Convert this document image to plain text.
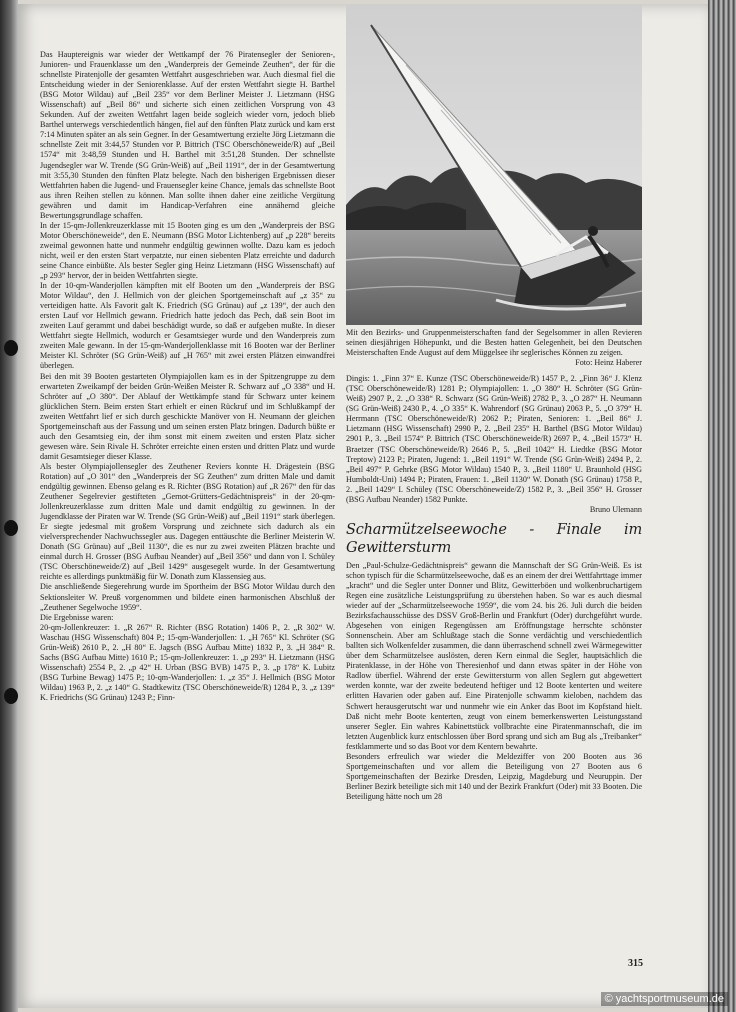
Das Hauptereignis war wieder der Wettkampf der 76 Piratensegler der Senioren-, Junioren- und Frauenklasse um den „Wanderpreis der Gemeinde Zeuthen“, der für die schnellste Piratenjolle der gesamten Wettfahrt ausgeschrieben war. Auch diesmal fiel die Entscheidung wieder in der Seniorenklasse. Auf der ersten Wettfahrt siegte H. Barthel (BSG Motor Wildau) auf „Beil 235“ vor dem Berliner Meister J. Lietzmann (HSG Wissenschaft) auf „Beil 86“ und sicherte sich einen zeitlichen Vorsprung von 43 Sekunden. Auf der zweiten Wettfahrt lagen beide sogleich wieder vorn, jedoch blieb Barthel unterwegs verschiedentlich hängen, fiel auf den fünften Platz zurück und kam erst 7:14 Minuten später an als sein Gegner. In der Gesamtwertung erzielte Jörg Lietzmann die schnellste Zeit mit 3:44,57 Stunden vor P. Bittrich (TSC Oberschöneweide/R) auf „Beil 1574“ mit 3:48,59 Stunden und H. Barthel mit 3:51,28 Stunden. Der schnellste Jugendsegler war W. Trende (SG Grün-Weiß) auf „Beil 1191“, der in der Gesamtwertung mit 3:55,30 Stunden den fünften Platz belegte. Nach den bisherigen Ergebnissen dieser Wettfahrten haben die Jugend- und Frauensegler keine Chance, jemals das schnellste Boot aus ihren Reihen stellen zu können. Man sollte ihnen daher eine zeitliche Vergütung gewähren und damit im Handicap-Verfahren eine annähernd gleiche Bewertungsgrundlage schaffen.

In der 15-qm-Jollenkreuzerklasse mit 15 Booten ging es um den „Wanderpreis der BSG Motor Oberschöneweide“, den E. Neumann (BSG Motor Lichtenberg) auf „p 228“ bereits zweimal gewonnen hatte und nunmehr endgültig gewinnen wollte. Dazu kam es jedoch nicht, weil er den ersten Start verpatzte, nur einen siebenten Platz erreichte und dadurch seine Chance einbüßte. Als bester Segler ging Heinz Lietzmann (HSG Wissenschaft) auf „p 293“ hervor, der in beiden Wettfahrten siegte.

In der 10-qm-Wanderjollen kämpften mit elf Booten um den „Wanderpreis der BSG Motor Wildau“, den J. Hellmich von der gleichen Sportgemeinschaft auf „z 35“ zu verteidigen hatte. Als Favorit galt K. Friedrich (SG Grünau) auf „z 139“, der auch den ersten Lauf vor Hellmich gewann. Friedrich hatte jedoch das Pech, daß sein Boot im zweiten Lauf gerammt und dabei beschädigt wurde, so daß er aufgeben mußte. In dieser Wettfahrt siegte Hellmich, wodurch er Gesamtsieger wurde und den Wanderpreis zum zweiten Male gewann. In der 15-qm-Wanderjollenklasse mit 16 Booten war der Berliner Meister Kl. Schröter (SG Grün-Weiß) auf „H 765“ mit zwei ersten Plätzen einwandfrei überlegen.

Bei den mit 39 Booten gestarteten Olympiajollen kam es in der Spitzengruppe zu dem erwarteten Zweikampf der beiden Grün-Weißen Meister R. Schwarz auf „O 338“ und H. Schröter auf „O 380“. Der Ablauf der Wettkämpfe stand für Schwarz unter keinem glücklichen Stern. Beim ersten Start erhielt er einen Rückruf und im Schlußkampf der zweiten Wettfahrt lief er sich durch geschickte Manöver von H. Neumann der gleichen Sportgemeinschaft aus der Fassung und um seinen ersten Platz bringen. Dadurch büßte er auch den Gesamtsieg ein, der ihm sonst mit einem zweiten und ersten Platz sicher gewesen wäre. Sein Rivale H. Schröter erreichte einen ersten und dritten Platz und wurde damit Gesamtsieger dieser Klasse.

Als bester Olympiajollensegler des Zeuthener Reviers konnte H. Drägestein (BSG Rotation) auf „O 301“ den „Wanderpreis der SG Zeuthen“ zum dritten Male und damit endgültig gewinnen. Ebenso gelang es R. Richter (BSG Rotation) auf „R 267“ den für das Zeuthener Segelrevier gestifteten „Gernot-Grütters-Gedächtnispreis“ in der 20-qm-Jollenkreuzerklasse zum dritten Male und damit endgültig zu gewinnen. In der Jugendklasse der Piraten war W. Trende (SG Grün-Weiß) auf „Beil 1191“ stark überlegen. Er siegte jedesmal mit großem Vorsprung und zeichnete sich dadurch als ein vielversprechender Nachwuchssegler aus. Dagegen enttäuschte die Berliner Meisterin W. Donath (SG Grünau) auf „Beil 1130“, die es nur zu zwei zweiten Plätzen brachte und einmal durch H. Grosser (BSG Aufbau Neander) auf „Beil 356“ und dann von I. Schüley (TSC Oberschöneweide/Z) auf „Beil 1429“ ausgesegelt wurde. In der Gesamtwertung reichte es allerdings punktmäßig für W. Donath zum Klassensieg aus.

Die anschließende Siegerehrung wurde im Sportheim der BSG Motor Wildau durch den Sektionsleiter W. Preuß vorgenommen und bildete einen harmonischen Abschluß der „Zeuthener Segelwoche 1959“.

Die Ergebnisse waren:

20-qm-Jollenkreuzer: 1. „R 267“ R. Richter (BSG Rotation) 1406 P., 2. „R 302“ W. Waschau (HSG Wissenschaft) 804 P.; 15-qm-Wanderjollen: 1. „H 765“ Kl. Schröter (SG Grün-Weiß) 2610 P., 2. „H 80“ E. Jagsch (BSG Aufbau Mitte) 1832 P., 3. „H 384“ R. Sachs (BSG Aufbau Mitte) 1610 P.; 15-qm-Jollenkreuzer: 1. „p 293“ H. Lietzmann (HSG Wissenschaft) 2554 P., 2. „p 42“ H. Urban (BSG BVB) 1475 P., 3. „p 178“ K. Lubitz (BSG Turbine Bewag) 1475 P.; 10-qm-Wanderjollen: 1. „z 35“ J. Hellmich (BSG Motor Wildau) 1963 P., 2. „z 140“ G. Stadtkewitz (TSC Oberschöneweide/R) 1284 P., 3. „z 139“ K. Friedrichs (SG Grünau) 1243 P.; Finn-

Mit den Bezirks- und Gruppenmeisterschaften fand der Segelsommer in allen Revieren seinen diesjährigen Höhepunkt, und die Besten hatten Gelegenheit, bei den Deutschen Meisterschaften Ende August auf dem Müggelsee ihr seglerisches Können zu zeigen.

Foto: Heinz Haberer

Dingis: 1. „Finn 37“ E. Kunze (TSC Oberschöneweide/R) 1457 P., 2. „Finn 36“ J. Klenz (TSC Oberschöneweide/R) 1281 P.; Olympiajollen: 1. „O 380“ H. Schröter (SG Grün-Weiß) 2907 P., 2. „O 338“ R. Schwarz (SG Grün-Weiß) 2782 P., 3. „O 287“ H. Neumann (SG Grün-Weiß) 2430 P., 4. „O 335“ K. Wahrendorf (SG Grünau) 2063 P., 5. „O 379“ H. Herrmann (TSC Oberschöneweide/R) 2062 P.; Piraten, Senioren: 1. „Beil 86“ J. Lietzmann (HSG Wissenschaft) 2990 P., 2. „Beil 235“ H. Barthel (BSG Motor Wildau) 2901 P., 3. „Beil 1574“ P. Bittrich (TSC Oberschöneweide/R) 2697 P., 4. „Beil 1573“ H. Braetzer (TSC Oberschöneweide/R) 2646 P., 5. „Beil 1042“ H. Liedtke (BSG Motor Treptow) 2123 P.; Piraten, Jugend: 1. „Beil 1191“ W. Trende (SG Grün-Weiß) 2494 P., 2. „Beil 497“ P. Gehrke (BSG Motor Wildau) 1540 P., 3. „Beil 1180“ U. Braunhold (HSG Humboldt-Uni) 1494 P.; Piraten, Frauen: 1. „Beil 1130“ W. Donath (SG Grünau) 1758 P., 2. „Beil 1429“ I. Schüley (TSC Oberschöneweide/Z) 1582 P., 3. „Beil 356“ H. Grosser (BSG Aufbau Neander) 1582 Punkte.

Bruno Ulemann

Scharmützelseewoche - Finale im Gewittersturm

Den „Paul-Schulze-Gedächtnispreis“ gewann die Mannschaft der SG Grün-Weiß. Es ist schon typisch für die Scharmützelseewoche, daß es an einem der drei Wettfahrttage immer „kracht“ und die Segler unter Donner und Blitz, Gewitterböen und wolkenbruchartigem Regen eine zusätzliche Leistungsprüfung zu überstehen haben. So war es auch diesmal wieder auf der „Scharmützelseewoche 1959“, die vom 24. bis 26. Juli durch die beiden Bezirksfachausschüsse des DSSV Groß-Berlin und Frankfurt (Oder) durchgeführt wurde. Abgesehen von einigen Regengüssen am Eröffnungstage herrschte schönster Sonnenschein. Aber am Schlußtage stach die Sonne verdächtig und verschiedentlich ballten sich Wolkenfelder zusammen, die dann überraschend schnell zwei Wärmegewitter über dem Scharmützelsee auslösten, deren Kern einmal die Segler, hauptsächlich die Piratenklasse, in der Höhe von Theresienhof und dann etwas später in der Höhe von Radlow überfiel. Während der erste Gewittersturm von allen Seglern gut abgewettert werden konnte, war der zweite bedeutend heftiger und 12 Boote kenterten und weitere erlitten Havarien oder gaben auf. Eine Piratenjolle schwamm kieloben, nachdem das Schwert herausgerutscht war und nunmehr wie ein Anker das Boot im Kopfstand hielt. Daß nicht mehr Boote kenterten, zeugt von einem bemerkenswerten Leistungsstand unserer Segler. Ein wahres Kabinettstück vollbrachte eine Piratenmannschaft, die im letzten Augenblick kurz entschlossen über Bord sprang und sich am Bug als „Treibanker“ festklammerte und so das Boot vor dem Kentern bewahrte.

Besonders erfreulich war wieder die Meldeziffer von 200 Booten aus 36 Sportgemeinschaften und vor allem die Beteiligung von 27 Booten aus 6 Sportgemeinschaften der Bezirke Dresden, Leipzig, Magdeburg und Neuruppin. Der Berliner Bezirk beteiligte sich mit 140 und der Bezirk Frankfurt (Oder) mit 33 Booten. Die Beteiligung hätte noch um 28

315
© yachtsportmuseum.de
